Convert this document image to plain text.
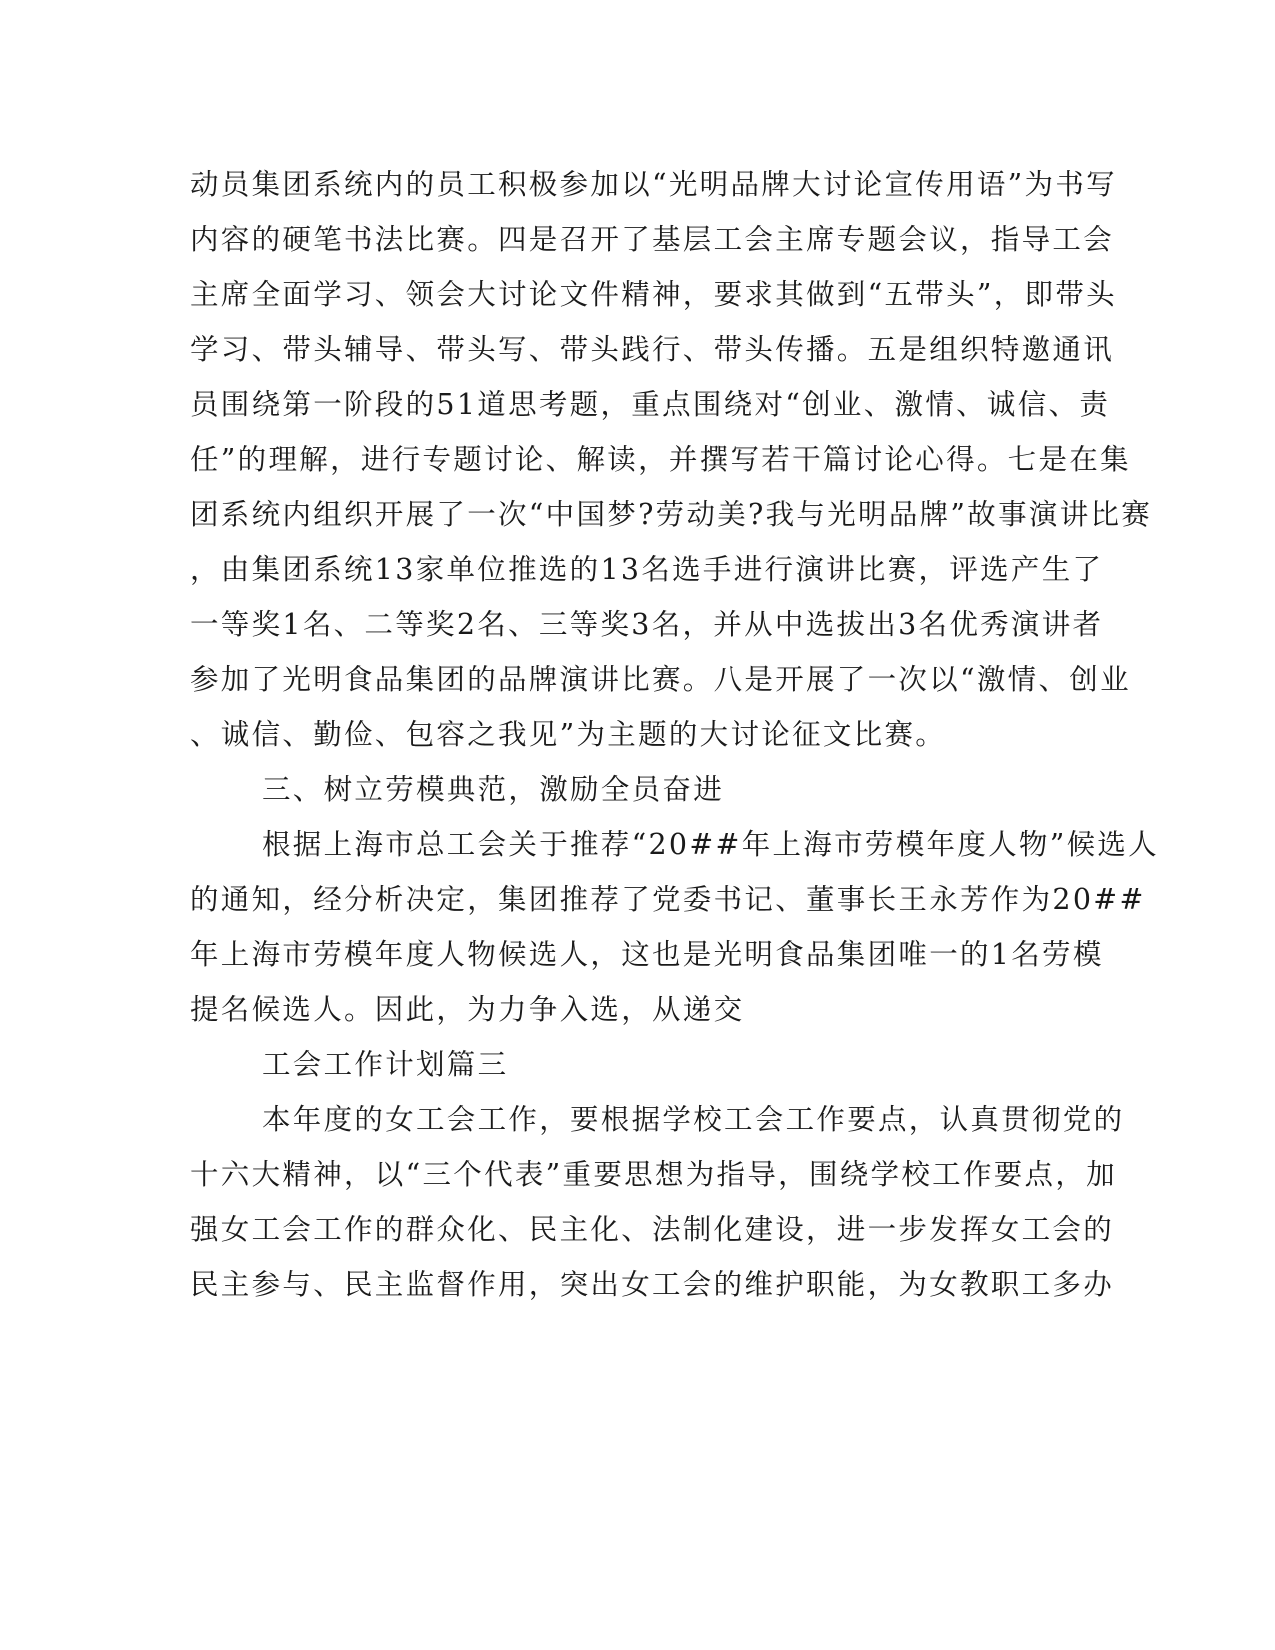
动员集团系统内的员工积极参加以“光明品牌大讨论宣传用语”为书写
内容的硬笔书法比赛。四是召开了基层工会主席专题会议，指导工会
主席全面学习、领会大讨论文件精神，要求其做到“五带头”，即带头
学习、带头辅导、带头写、带头践行、带头传播。五是组织特邀通讯
员围绕第一阶段的51道思考题，重点围绕对“创业、激情、诚信、责
任”的理解，进行专题讨论、解读，并撰写若干篇讨论心得。七是在集
团系统内组织开展了一次“中国梦?劳动美?我与光明品牌”故事演讲比赛
，由集团系统13家单位推选的13名选手进行演讲比赛，评选产生了
一等奖1名、二等奖2名、三等奖3名，并从中选拔出3名优秀演讲者
参加了光明食品集团的品牌演讲比赛。八是开展了一次以“激情、创业
、诚信、勤俭、包容之我见”为主题的大讨论征文比赛。
三、树立劳模典范，激励全员奋进
根据上海市总工会关于推荐“20##年上海市劳模年度人物”候选人
的通知，经分析决定，集团推荐了党委书记、董事长王永芳作为20##
年上海市劳模年度人物候选人，这也是光明食品集团唯一的1名劳模
提名候选人。因此，为力争入选，从递交
工会工作计划篇三
本年度的女工会工作，要根据学校工会工作要点，认真贯彻党的
十六大精神，以“三个代表”重要思想为指导，围绕学校工作要点，加
强女工会工作的群众化、民主化、法制化建设，进一步发挥女工会的
民主参与、民主监督作用，突出女工会的维护职能，为女教职工多办
